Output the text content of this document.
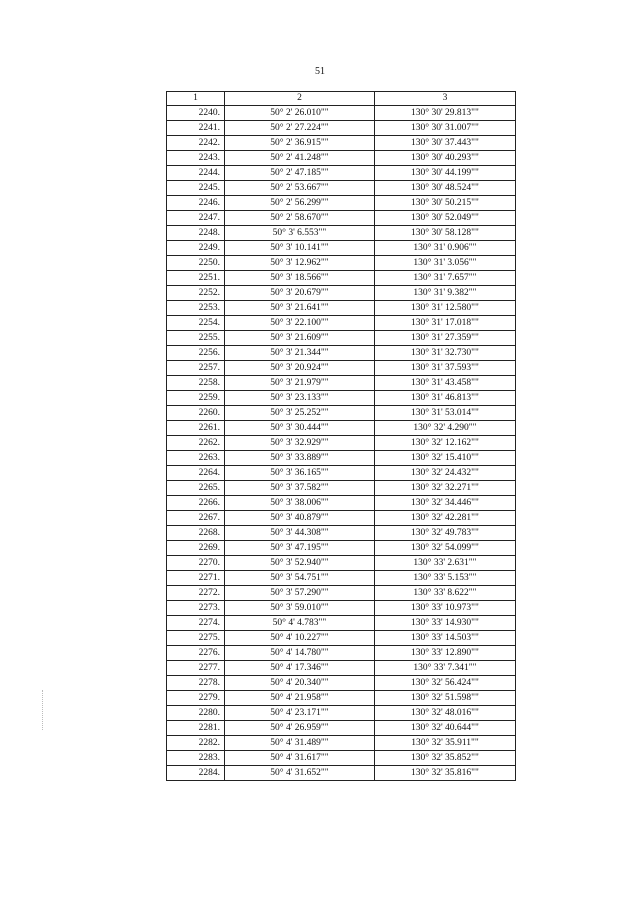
51
1	2	3
2240.	50° 2' 26.010""	130° 30' 29.813""
2241.	50° 2' 27.224""	130° 30' 31.007""
2242.	50° 2' 36.915""	130° 30' 37.443""
2243.	50° 2' 41.248""	130° 30' 40.293""
2244.	50° 2' 47.185""	130° 30' 44.199""
2245.	50° 2' 53.667""	130° 30' 48.524""
2246.	50° 2' 56.299""	130° 30' 50.215""
2247.	50° 2' 58.670""	130° 30' 52.049""
2248.	50° 3' 6.553""	130° 30' 58.128""
2249.	50° 3' 10.141""	130° 31' 0.906""
2250.	50° 3' 12.962""	130° 31' 3.056""
2251.	50° 3' 18.566""	130° 31' 7.657""
2252.	50° 3' 20.679""	130° 31' 9.382""
2253.	50° 3' 21.641""	130° 31' 12.580""
2254.	50° 3' 22.100""	130° 31' 17.018""
2255.	50° 3' 21.609""	130° 31' 27.359""
2256.	50° 3' 21.344""	130° 31' 32.730""
2257.	50° 3' 20.924""	130° 31' 37.593""
2258.	50° 3' 21.979""	130° 31' 43.458""
2259.	50° 3' 23.133""	130° 31' 46.813""
2260.	50° 3' 25.252""	130° 31' 53.014""
2261.	50° 3' 30.444""	130° 32' 4.290""
2262.	50° 3' 32.929""	130° 32' 12.162""
2263.	50° 3' 33.889""	130° 32' 15.410""
2264.	50° 3' 36.165""	130° 32' 24.432""
2265.	50° 3' 37.582""	130° 32' 32.271""
2266.	50° 3' 38.006""	130° 32' 34.446""
2267.	50° 3' 40.879""	130° 32' 42.281""
2268.	50° 3' 44.308""	130° 32' 49.783""
2269.	50° 3' 47.195""	130° 32' 54.099""
2270.	50° 3' 52.940""	130° 33' 2.631""
2271.	50° 3' 54.751""	130° 33' 5.153""
2272.	50° 3' 57.290""	130° 33' 8.622""
2273.	50° 3' 59.010""	130° 33' 10.973""
2274.	50° 4' 4.783""	130° 33' 14.930""
2275.	50° 4' 10.227""	130° 33' 14.503""
2276.	50° 4' 14.780""	130° 33' 12.890""
2277.	50° 4' 17.346""	130° 33' 7.341""
2278.	50° 4' 20.340""	130° 32' 56.424""
2279.	50° 4' 21.958""	130° 32' 51.598""
2280.	50° 4' 23.171""	130° 32' 48.016""
2281.	50° 4' 26.959""	130° 32' 40.644""
2282.	50° 4' 31.489""	130° 32' 35.911""
2283.	50° 4' 31.617""	130° 32' 35.852""
2284.	50° 4' 31.652""	130° 32' 35.816""
